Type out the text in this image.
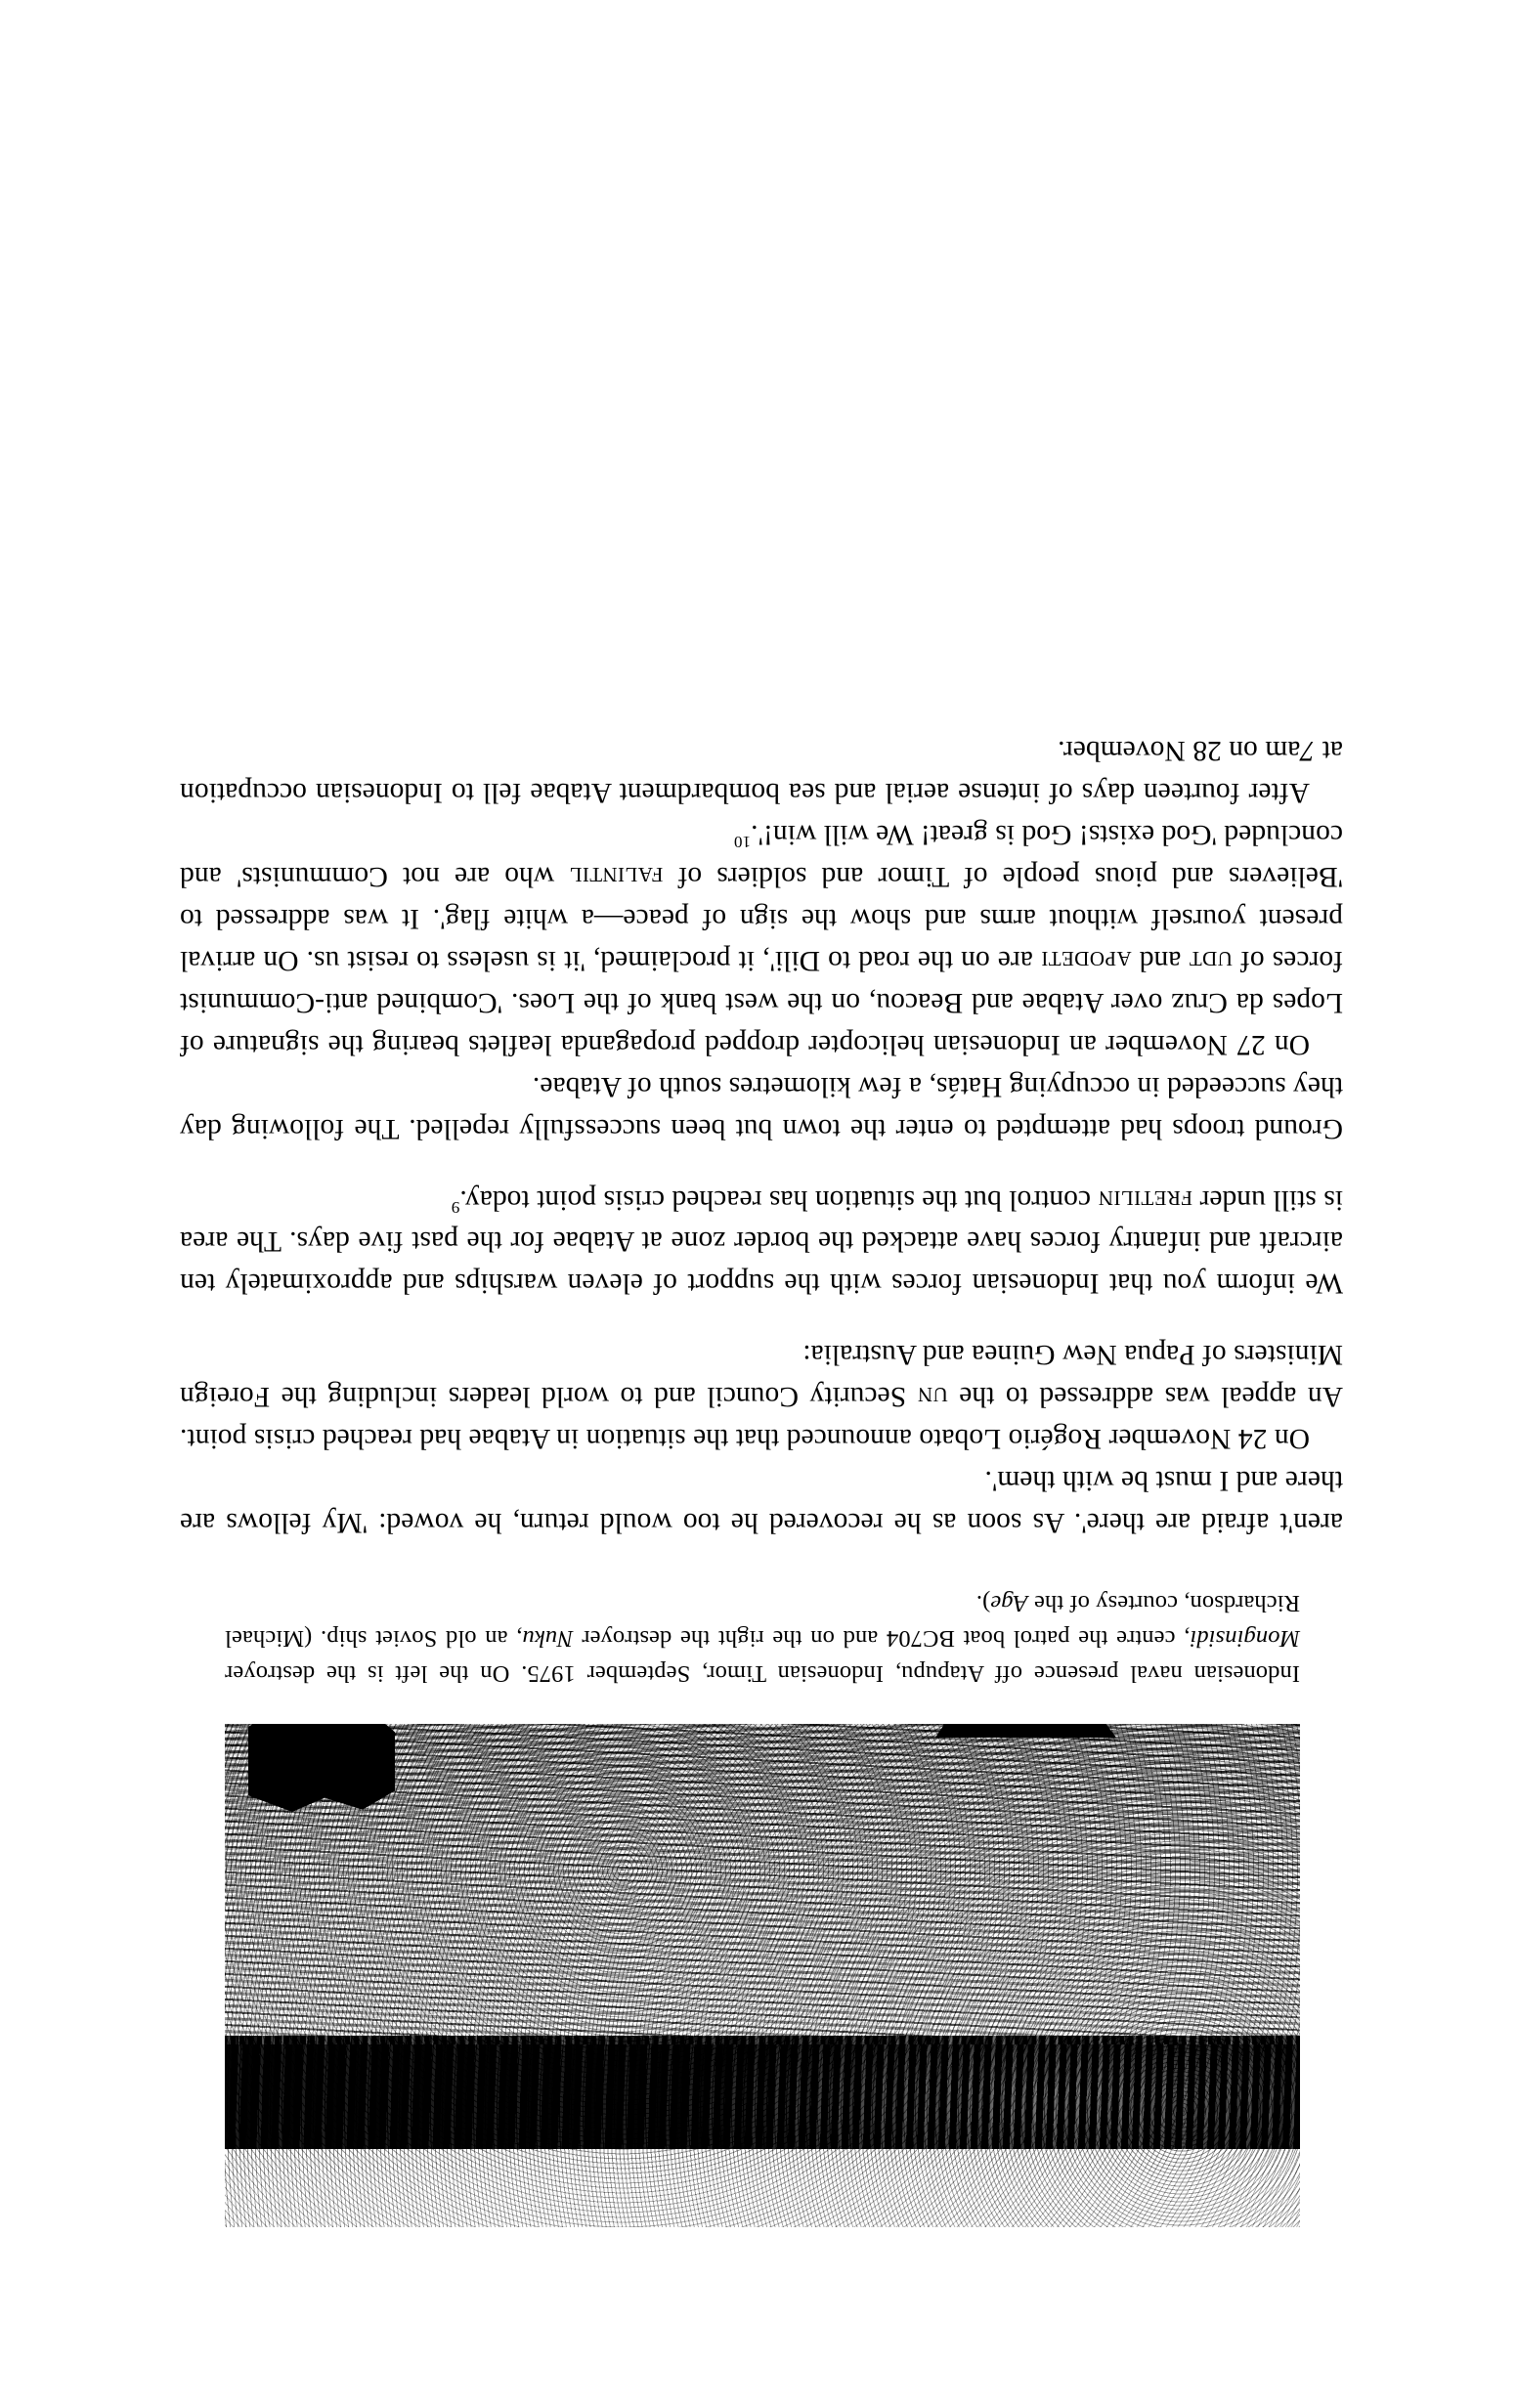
Indonesian naval presence off Atapupu, Indonesian Timor, September 1975. On the left is the destroyer Monginsidi, centre the patrol boat BC704 and on the right the destroyer Nuku, an old Soviet ship. (Michael Richardson, courtesy of the Age).

aren't afraid are there'. As soon as he recovered he too would return, he vowed: 'My fellows are there and I must be with them'.

On 24 November Rogério Lobato announced that the situation in Atabae had reached crisis point. An appeal was addressed to the un Security Council and to world leaders including the Foreign Ministers of Papua New Guinea and Australia:

We inform you that Indonesian forces with the support of eleven warships and approximately ten aircraft and infantry forces have attacked the border zone at Atabae for the past five days. The area is still under fretilin control but the situation has reached crisis point today.$^9$

Ground troops had attempted to enter the town but been successfully repelled. The following day they succeeded in occupying Hatás, a few kilometres south of Atabae.

On 27 November an Indonesian helicopter dropped propaganda leaflets bearing the signature of Lopes da Cruz over Atabae and Beacou, on the west bank of the Loes. 'Combined anti-Communist forces of udt and apodeti are on the road to Dili', it proclaimed, 'it is useless to resist us. On arrival present yourself without arms and show the sign of peace—a white flag'. It was addressed to 'Believers and pious people of Timor and soldiers of falintil who are not Communists' and concluded 'God exists! God is great! We will win!'.$^{10}$

After fourteen days of intense aerial and sea bombardment Atabae fell to Indonesian occupation at 7am on 28 November.
